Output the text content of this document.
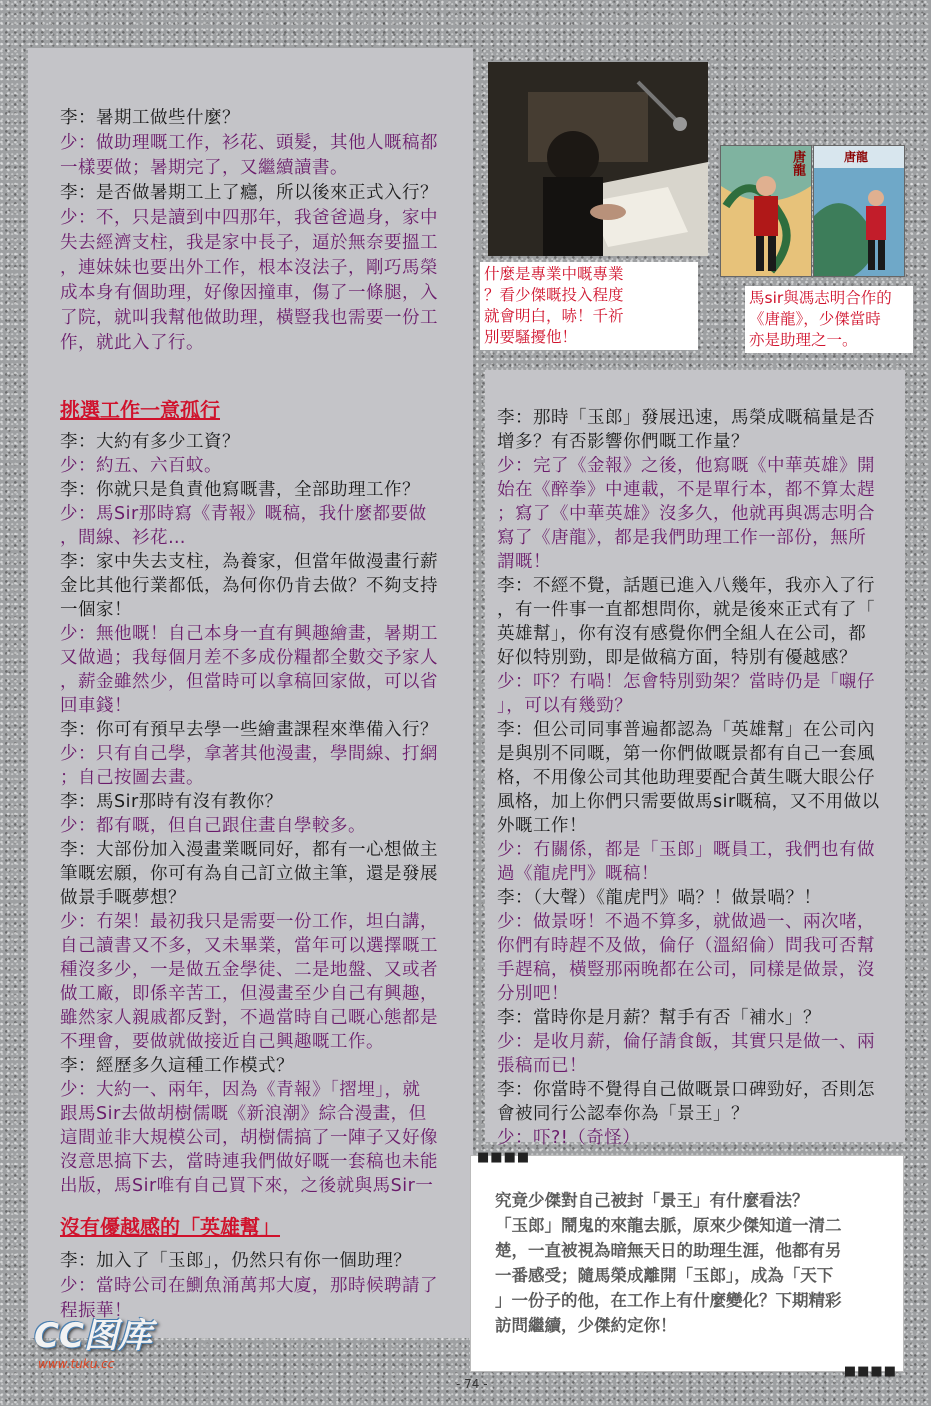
唐龍	唐龍
什麼是專業中嘅專業
？看少傑嘅投入程度
就會明白，哧！千祈
別要騷擾他！
馬sir與馮志明合作的
《唐龍》，少傑當時
亦是助理之一。
挑選工作一意孤行
沒有優越感的「英雄幫」
李：暑期工做些什麼？
少：做助理嘅工作，衫花、頭髮，其他人嘅稿都
一樣要做；暑期完了，又繼續讀書。
李：是否做暑期工上了癮，所以後來正式入行？
少：不，只是讀到中四那年，我爸爸過身，家中
失去經濟支柱，我是家中長子，逼於無奈要搵工
，連妹妹也要出外工作，根本沒法子，剛巧馬榮
成本身有個助理，好像因撞車，傷了一條腿，入
了院，就叫我幫他做助理，橫豎我也需要一份工
作，就此入了行。
李：大約有多少工資？
少：約五、六百蚊。
李：你就只是負責他寫嘅書，全部助理工作？
少：馬Sir那時寫《青報》嘅稿，我什麼都要做
，間線、衫花…
李：家中失去支柱，為養家，但當年做漫畫行薪
金比其他行業都低，為何你仍肯去做？不夠支持
一個家！
少：無他嘅！自己本身一直有興趣繪畫，暑期工
又做過；我每個月差不多成份糧都全數交予家人
，薪金雖然少，但當時可以拿稿回家做，可以省
回車錢！
李：你可有預早去學一些繪畫課程來準備入行？
少：只有自己學，拿著其他漫畫，學間線、打網
；自己按圖去畫。
李：馬Sir那時有沒有教你？
少：都有嘅，但自己跟住畫自學較多。
李：大部份加入漫畫業嘅同好，都有一心想做主
筆嘅宏願，你可有為自己訂立做主筆，還是發展
做景手嘅夢想？
少：冇架！最初我只是需要一份工作，坦白講，
自己讀書又不多，又未畢業，當年可以選擇嘅工
種沒多少，一是做五金學徒、二是地盤、又或者
做工廠，即係辛苦工，但漫畫至少自己有興趣，
雖然家人親戚都反對，不過當時自己嘅心態都是
不理會，要做就做接近自己興趣嘅工作。
李：經歷多久這種工作模式？
少：大約一、兩年，因為《青報》「摺埋」，就
跟馬Sir去做胡樹儒嘅《新浪潮》綜合漫畫，但
這間並非大規模公司，胡樹儒搞了一陣子又好像
沒意思搞下去，當時連我們做好嘅一套稿也未能
出版，馬Sir唯有自己買下來，之後就與馬Sir一
李：加入了「玉郎」，仍然只有你一個助理？
少：當時公司在鰂魚涌萬邦大廈，那時候聘請了
程振華！
李：那時「玉郎」發展迅速，馬榮成嘅稿量是否
增多？有否影響你們嘅工作量？
少：完了《金報》之後，他寫嘅《中華英雄》開
始在《醉拳》中連載，不是單行本，都不算太趕
；寫了《中華英雄》沒多久，他就再與馮志明合
寫了《唐龍》，都是我們助理工作一部份，無所
謂嘅！
李：不經不覺，話題已進入八幾年，我亦入了行
，有一件事一直都想問你，就是後來正式有了「
英雄幫」，你有沒有感覺你們全組人在公司，都
好似特別勁，即是做稿方面，特別有優越感？
少：吓？冇喎！怎會特別勁架？當時仍是「嚫仔
」，可以有幾勁？
李：但公司同事普遍都認為「英雄幫」在公司內
是與別不同嘅，第一你們做嘅景都有自己一套風
格，不用像公司其他助理要配合黃生嘅大眼公仔
風格，加上你們只需要做馬sir嘅稿，又不用做以
外嘅工作！
少：冇關係，都是「玉郎」嘅員工，我們也有做
過《龍虎門》嘅稿！
李：（大聲）《龍虎門》喎？！做景喎？！
少：做景呀！不過不算多，就做過一、兩次啫，
你們有時趕不及做，倫仔（溫紹倫）問我可否幫
手趕稿，橫豎那兩晚都在公司，同樣是做景，沒
分別吧！
李：當時你是月薪？幫手有否「補水」？
少：是收月薪，倫仔請食飯，其實只是做一、兩
張稿而已！
李：你當時不覺得自己做嘅景口碑勁好，否則怎
會被同行公認奉你為「景王」？
少：吓?!（奇怪）
■■■■
究竟少傑對自己被封「景王」有什麼看法？
「玉郎」鬧鬼的來龍去脈，原來少傑知道一清二
楚，一直被視為暗無天日的助理生涯，他都有另
一番感受；隨馬榮成離開「玉郎」，成為「天下
」一份子的他，在工作上有什麼變化？下期精彩
訪問繼續，少傑約定你！
■■■■
CC图库
www.tuku.cc
- 74 -
